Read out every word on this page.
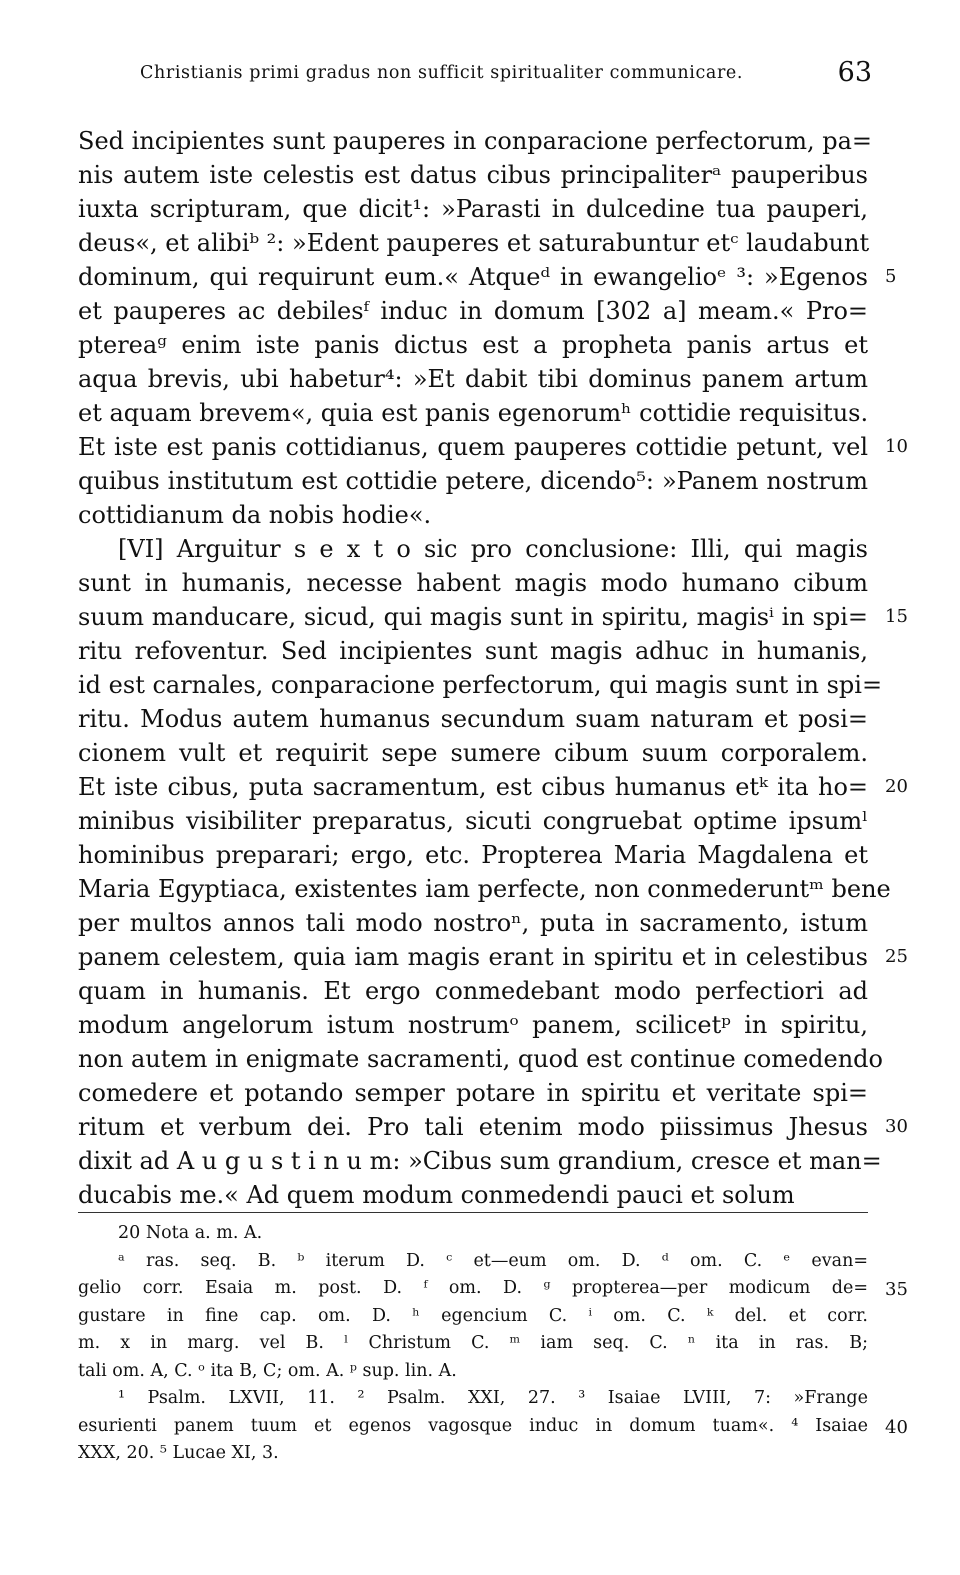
Christianis primi gradus non sufficit spiritualiter communicare.	63
Sed incipientes sunt pauperes in conparacione perfectorum, pa=
nis autem iste celestis est datus cibus principaliterᵃ pauperibus
iuxta scripturam, que dicit¹: »Parasti in dulcedine tua pauperi,
deus«, et alibiᵇ ²: »Edent pauperes et saturabuntur etᶜ laudabunt
dominum, qui requirunt eum.« Atqueᵈ in ewangelioᵉ ³: »Egenos
et pauperes ac debilesᶠ induc in domum [302 a] meam.« Pro=
ptereaᵍ enim iste panis dictus est a propheta panis artus et
aqua brevis, ubi habetur⁴: »Et dabit tibi dominus panem artum
et aquam brevem«, quia est panis egenorumʰ cottidie requisitus.
Et iste est panis cottidianus, quem pauperes cottidie petunt, vel
quibus institutum est cottidie petere, dicendo⁵: »Panem nostrum
cottidianum da nobis hodie«.
[VI] Arguitur s e x t o sic pro conclusione: Illi, qui magis
sunt in humanis, necesse habent magis modo humano cibum
suum manducare, sicud, qui magis sunt in spiritu, magisⁱ in spi=
ritu refoventur. Sed incipientes sunt magis adhuc in humanis,
id est carnales, conparacione perfectorum, qui magis sunt in spi=
ritu. Modus autem humanus secundum suam naturam et posi=
cionem vult et requirit sepe sumere cibum suum corporalem.
Et iste cibus, puta sacramentum, est cibus humanus etᵏ ita ho=
minibus visibiliter preparatus, sicuti congruebat optime ipsumˡ
hominibus preparari; ergo, etc. Propterea Maria Magdalena et
Maria Egyptiaca, existentes iam perfecte, non conmederuntᵐ bene
per multos annos tali modo nostroⁿ, puta in sacramento, istum
panem celestem, quia iam magis erant in spiritu et in celestibus
quam in humanis. Et ergo conmedebant modo perfectiori ad
modum angelorum istum nostrumᵒ panem, scilicetᵖ in spiritu,
non autem in enigmate sacramenti, quod est continue comedendo
comedere et potando semper potare in spiritu et veritate spi=
ritum et verbum dei. Pro tali etenim modo piissimus Jhesus
dixit ad A u g u s t i n u m: »Cibus sum grandium, cresce et man=
ducabis me.« Ad quem modum conmedendi pauci et solum
5
10
15
20
25
30
20 Nota a. m. A.
ᵃ ras. seq. B. ᵇ iterum D. ᶜ et—eum om. D. ᵈ om. C. ᵉ evan=
gelio corr. Esaia m. post. D. ᶠ om. D. ᵍ propterea—per modicum de=
gustare in fine cap. om. D. ʰ egencium C. ⁱ om. C. ᵏ del. et corr.
m. x in marg. vel B. ˡ Christum C. ᵐ iam seq. C. ⁿ ita in ras. B;
tali om. A, C. ᵒ ita B, C; om. A. ᵖ sup. lin. A.
¹ Psalm. LXVII, 11. ² Psalm. XXI, 27. ³ Isaiae LVIII, 7: »Frange
esurienti panem tuum et egenos vagosque induc in domum tuam«. ⁴ Isaiae
XXX, 20. ⁵ Lucae XI, 3.
35
40
